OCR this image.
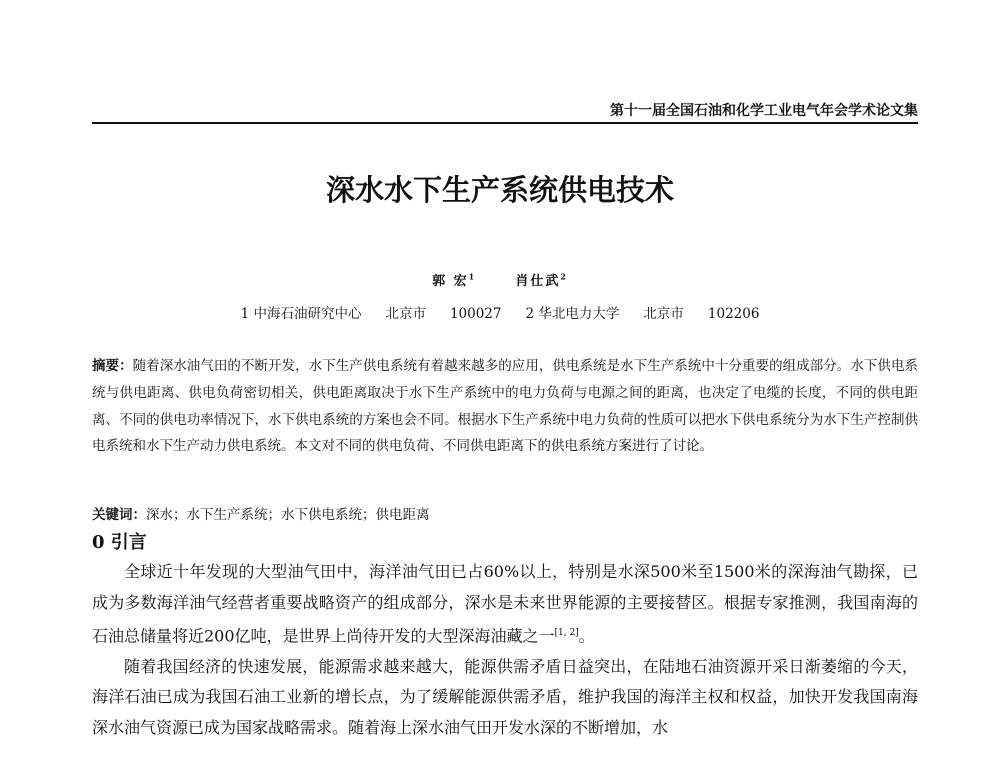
第十一届全国石油和化学工业电气年会学术论文集
深水水下生产系统供电技术
郭 宏$^1$	肖仕武$^2$
1 中海石油研究中心 北京市 100027 2 华北电力大学 北京市 102206
摘要：随着深水油气田的不断开发，水下生产供电系统有着越来越多的应用，供电系统是水下生产系统中十分重要的组成部分。水下供电系统与供电距离、供电负荷密切相关，供电距离取决于水下生产系统中的电力负荷与电源之间的距离，也决定了电缆的长度，不同的供电距离、不同的供电功率情况下，水下供电系统的方案也会不同。根据水下生产系统中电力负荷的性质可以把水下供电系统分为水下生产控制供电系统和水下生产动力供电系统。本文对不同的供电负荷、不同供电距离下的供电系统方案进行了讨论。
关键词：深水；水下生产系统；水下供电系统；供电距离
0 引言

全球近十年发现的大型油气田中，海洋油气田已占60%以上，特别是水深500米至1500米的深海油气勘探，已成为多数海洋油气经营者重要战略资产的组成部分，深水是未来世界能源的主要接替区。根据专家推测，我国南海的石油总储量将近200亿吨，是世界上尚待开发的大型深海油藏之一[1, 2]。

随着我国经济的快速发展，能源需求越来越大，能源供需矛盾日益突出，在陆地石油资源开采日渐萎缩的今天，海洋石油已成为我国石油工业新的增长点，为了缓解能源供需矛盾，维护我国的海洋主权和权益，加快开发我国南海深水油气资源已成为国家战略需求。随着海上深水油气田开发水深的不断增加，水
